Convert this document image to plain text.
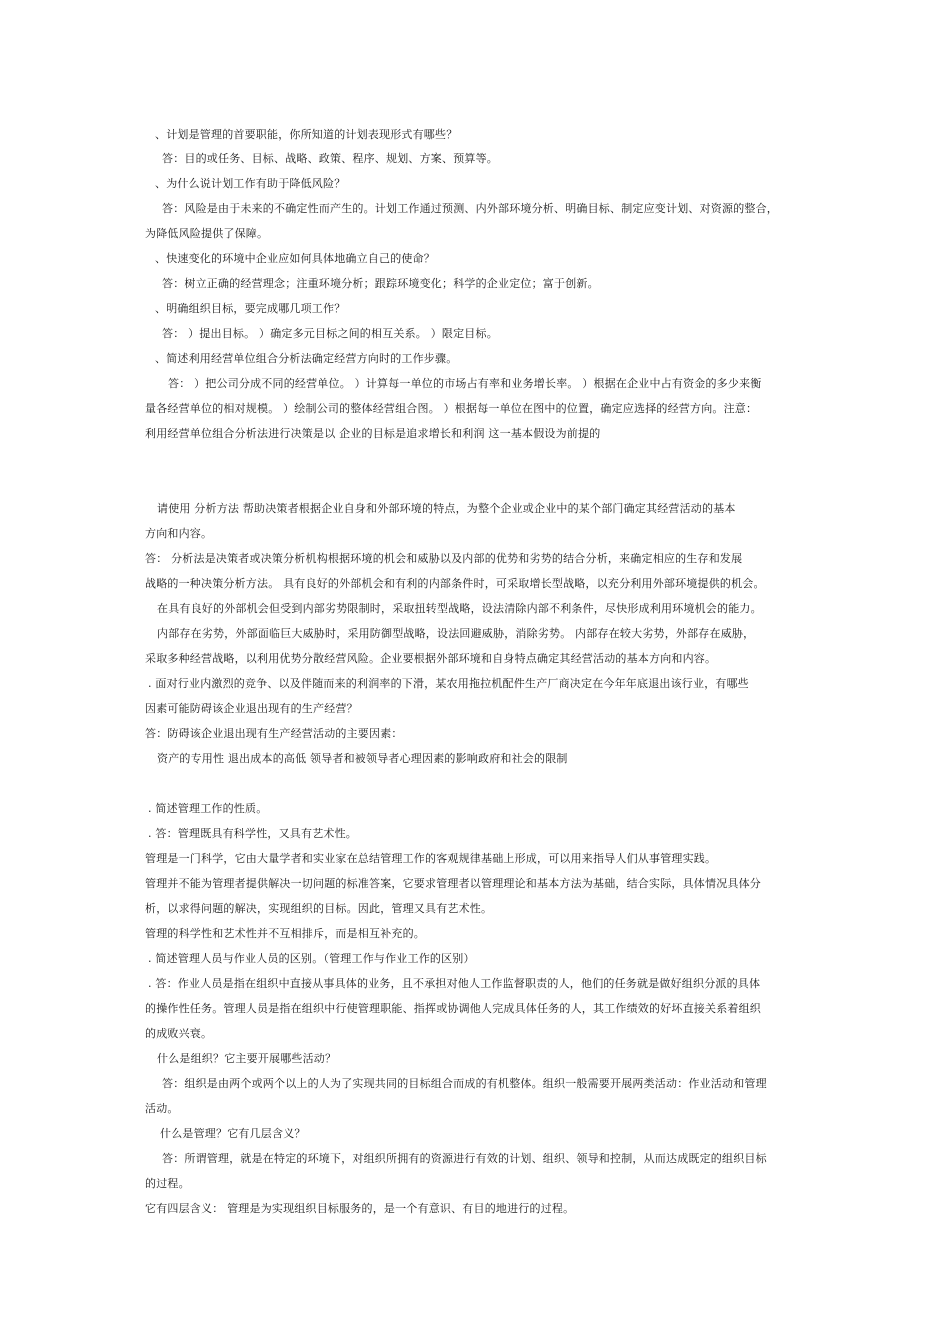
、计划是管理的首要职能，你所知道的计划表现形式有哪些？
答：目的或任务、目标、战略、政策、程序、规划、方案、预算等。
、为什么说计划工作有助于降低风险？
答：风险是由于未来的不确定性而产生的。计划工作通过预测、内外部环境分析、明确目标、制定应变计划、对资源的整合，
为降低风险提供了保障。
、快速变化的环境中企业应如何具体地确立自己的使命？
答：树立正确的经营理念；注重环境分析；跟踪环境变化；科学的企业定位；富于创新。
、明确组织目标，要完成哪几项工作？
答： ）提出目标。 ）确定多元目标之间的相互关系。 ）限定目标。
、简述利用经营单位组合分析法确定经营方向时的工作步骤。
答： ）把公司分成不同的经营单位。 ）计算每一单位的市场占有率和业务增长率。 ）根据在企业中占有资金的多少来衡
量各经营单位的相对规模。 ）绘制公司的整体经营组合图。 ）根据每一单位在图中的位置，确定应选择的经营方向。注意：
利用经营单位组合分析法进行决策是以 企业的目标是追求增长和利润 这一基本假设为前提的
请使用 分析方法 帮助决策者根据企业自身和外部环境的特点，为整个企业或企业中的某个部门确定其经营活动的基本
方向和内容。
答： 分析法是决策者或决策分析机构根据环境的机会和威胁以及内部的优势和劣势的结合分析，来确定相应的生存和发展
战略的一种决策分析方法。 具有良好的外部机会和有利的内部条件时，可采取增长型战略，以充分利用外部环境提供的机会。
在具有良好的外部机会但受到内部劣势限制时，采取扭转型战略，设法清除内部不利条件，尽快形成利用环境机会的能力。
内部存在劣势，外部面临巨大威胁时，采用防御型战略，设法回避威胁，消除劣势。 内部存在较大劣势，外部存在威胁，
采取多种经营战略，以利用优势分散经营风险。企业要根据外部环境和自身特点确定其经营活动的基本方向和内容。
. 面对行业内激烈的竞争、以及伴随而来的利润率的下滑，某农用拖拉机配件生产厂商决定在今年年底退出该行业，有哪些
因素可能防碍该企业退出现有的生产经营？
答：防碍该企业退出现有生产经营活动的主要因素：
资产的专用性 退出成本的高低 领导者和被领导者心理因素的影响政府和社会的限制
. 简述管理工作的性质。
. 答：管理既具有科学性，又具有艺术性。
管理是一门科学，它由大量学者和实业家在总结管理工作的客观规律基础上形成，可以用来指导人们从事管理实践。
管理并不能为管理者提供解决一切问题的标准答案，它要求管理者以管理理论和基本方法为基础，结合实际，具体情况具体分
析，以求得问题的解决，实现组织的目标。因此，管理又具有艺术性。
管理的科学性和艺术性并不互相排斥，而是相互补充的。
. 简述管理人员与作业人员的区别。（管理工作与作业工作的区别）
. 答：作业人员是指在组织中直接从事具体的业务，且不承担对他人工作监督职责的人，他们的任务就是做好组织分派的具体
的操作性任务。管理人员是指在组织中行使管理职能、指挥或协调他人完成具体任务的人，其工作绩效的好坏直接关系着组织
的成败兴衰。
什么是组织？它主要开展哪些活动？
答：组织是由两个或两个以上的人为了实现共同的目标组合而成的有机整体。组织一般需要开展两类活动：作业活动和管理
活动。
什么是管理？它有几层含义？
答：所谓管理，就是在特定的环境下，对组织所拥有的资源进行有效的计划、组织、领导和控制，从而达成既定的组织目标
的过程。
它有四层含义： 管理是为实现组织目标服务的，是一个有意识、有目的地进行的过程。
